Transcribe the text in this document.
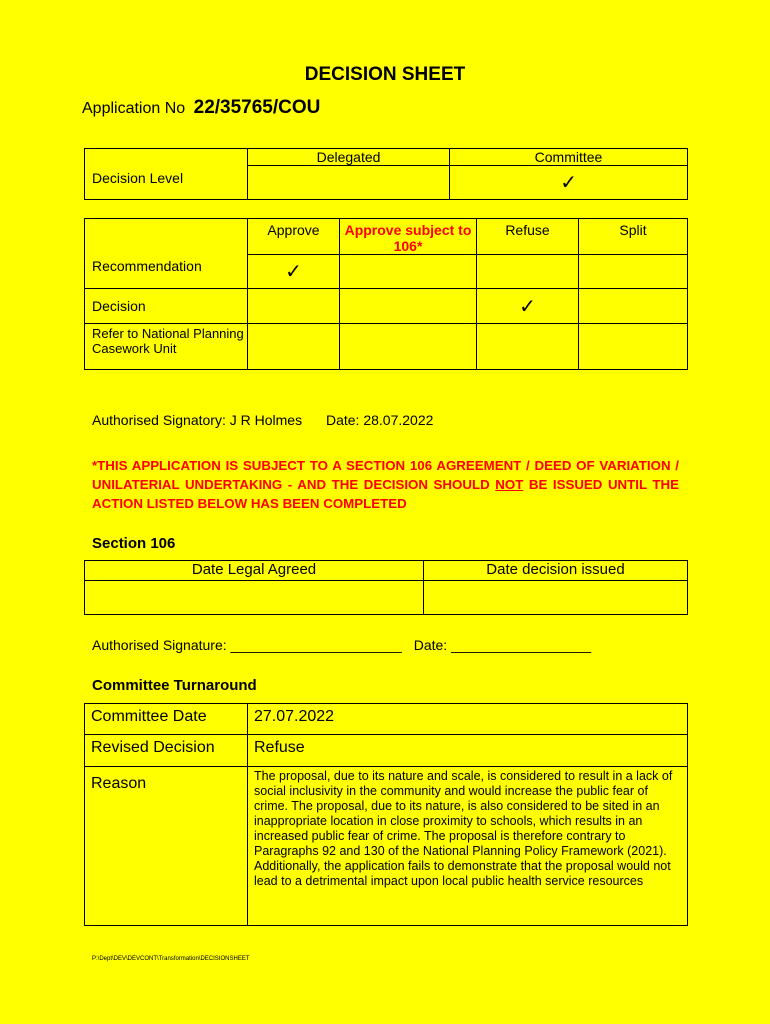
DECISION SHEET
Application No 22/35765/COU
Decision Level	Delegated	Committee

		✓
Recommendation	Approve	Approve subject to 106*	Refuse	Split

	✓			

Decision			✓	

Refer to National Planning Casework Unit				

Authorised Signatory: J R Holmes Date: 28.07.2022
*THIS APPLICATION IS SUBJECT TO A SECTION 106 AGREEMENT / DEED OF VARIATION / UNILATERIAL UNDERTAKING - AND THE DECISION SHOULD NOT BE ISSUED UNTIL THE ACTION LISTED BELOW HAS BEEN COMPLETED
Section 106
Date Legal Agreed	Date decision issued

Authorised Signature: ______________________ Date: __________________
Committee Turnaround
Committee Date	27.07.2022
Revised Decision	Refuse
Reason	The proposal, due to its nature and scale, is considered to result in a lack of social inclusivity in the community and would increase the public fear of crime. The proposal, due to its nature, is also considered to be sited in an inappropriate location in close proximity to schools, which results in an increased public fear of crime. The proposal is therefore contrary to Paragraphs 92 and 130 of the National Planning Policy Framework (2021). Additionally, the application fails to demonstrate that the proposal would not lead to a detrimental impact upon local public health service resources
P:\Dept\DEV\DEVCONT\Transformation\DECISIONSHEET
